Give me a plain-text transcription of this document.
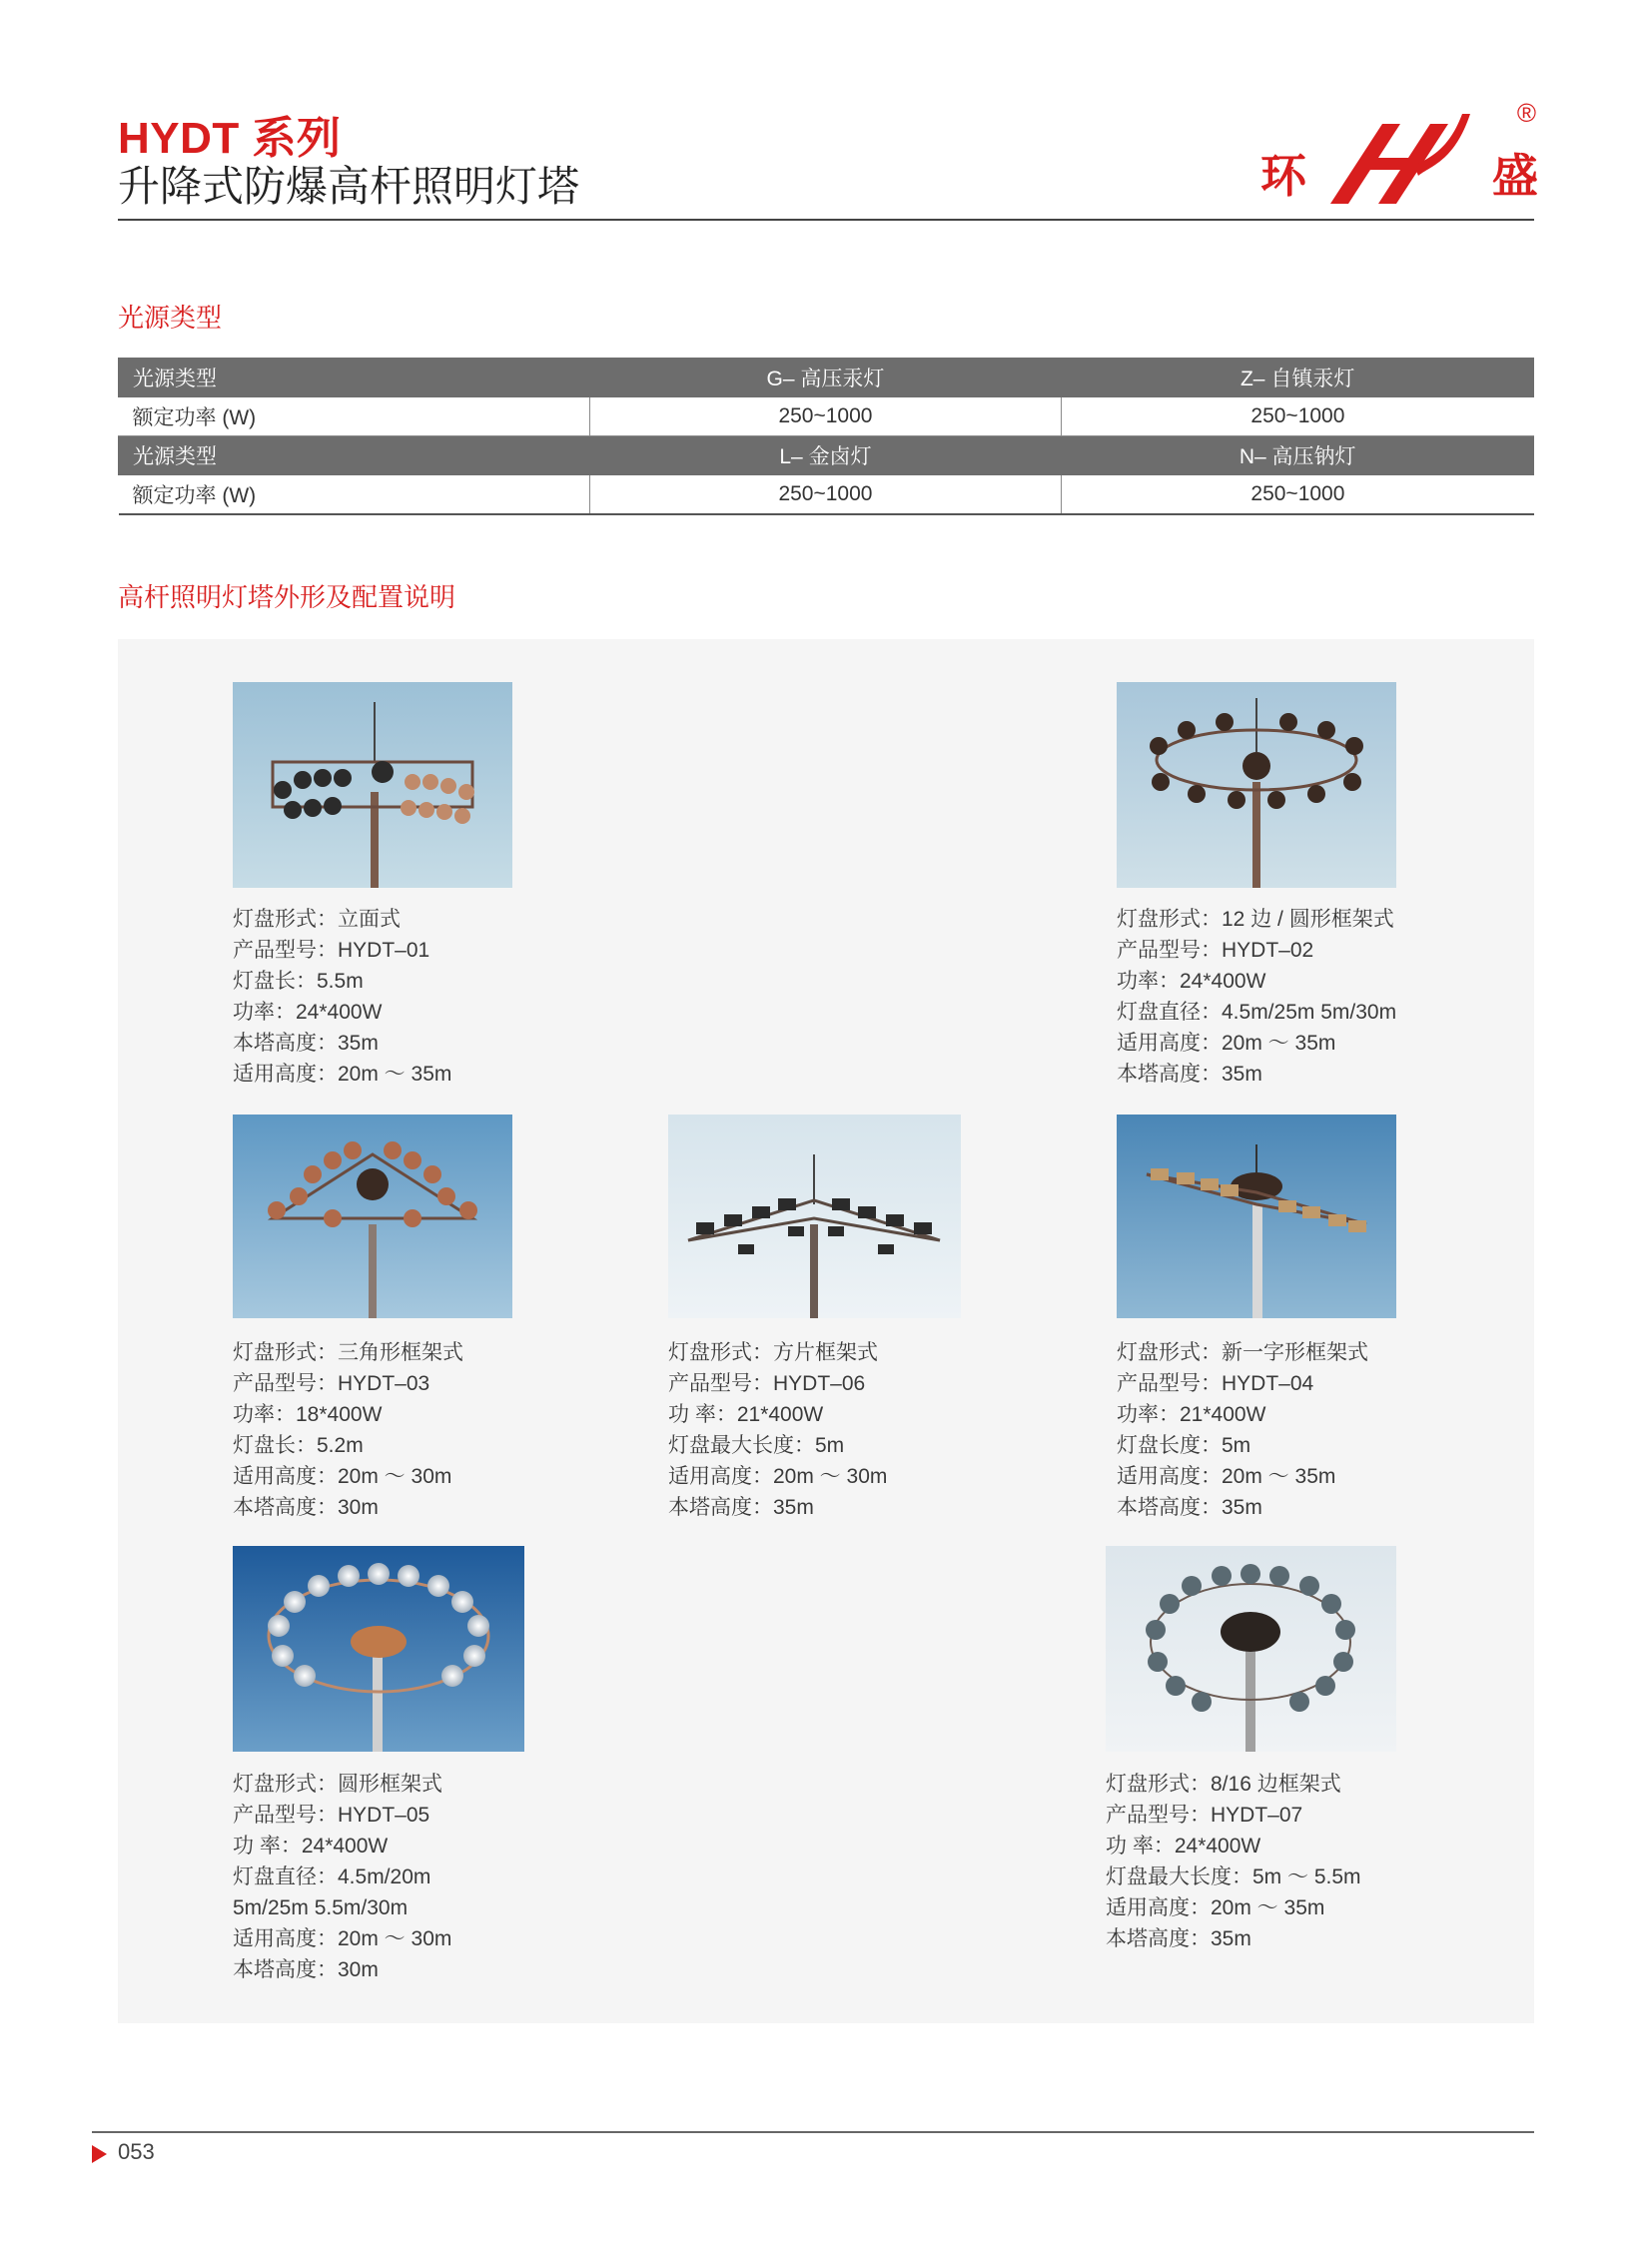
HYDT 系列
升降式防爆高杆照明灯塔	环	盛
®
光源类型
光源类型	G– 高压汞灯	Z– 自镇汞灯
额定功率 (W)	250~1000	250~1000
光源类型	L– 金卤灯	N– 高压钠灯
额定功率 (W)	250~1000	250~1000
高杆照明灯塔外形及配置说明
灯盘形式：立面式
产品型号：HYDT–01
灯盘长：5.5m
功率：24*400W
本塔高度：35m
适用高度：20m ～ 35m
灯盘形式：12 边 / 圆形框架式
产品型号：HYDT–02
功率：24*400W
灯盘直径：4.5m/25m 5m/30m
适用高度：20m ～ 35m
本塔高度：35m
灯盘形式：三角形框架式
产品型号：HYDT–03
功率：18*400W
灯盘长：5.2m
适用高度：20m ～ 30m
本塔高度：30m
灯盘形式：方片框架式
产品型号：HYDT–06
功 率：21*400W
灯盘最大长度：5m
适用高度：20m ～ 30m
本塔高度：35m
灯盘形式：新一字形框架式
产品型号：HYDT–04
功率：21*400W
灯盘长度：5m
适用高度：20m ～ 35m
本塔高度：35m
灯盘形式：圆形框架式
产品型号：HYDT–05
功 率：24*400W
灯盘直径：4.5m/20m
5m/25m 5.5m/30m
适用高度：20m ～ 30m
本塔高度：30m
灯盘形式：8/16 边框架式
产品型号：HYDT–07
功 率：24*400W
灯盘最大长度：5m ～ 5.5m
适用高度：20m ～ 35m
本塔高度：35m
053
